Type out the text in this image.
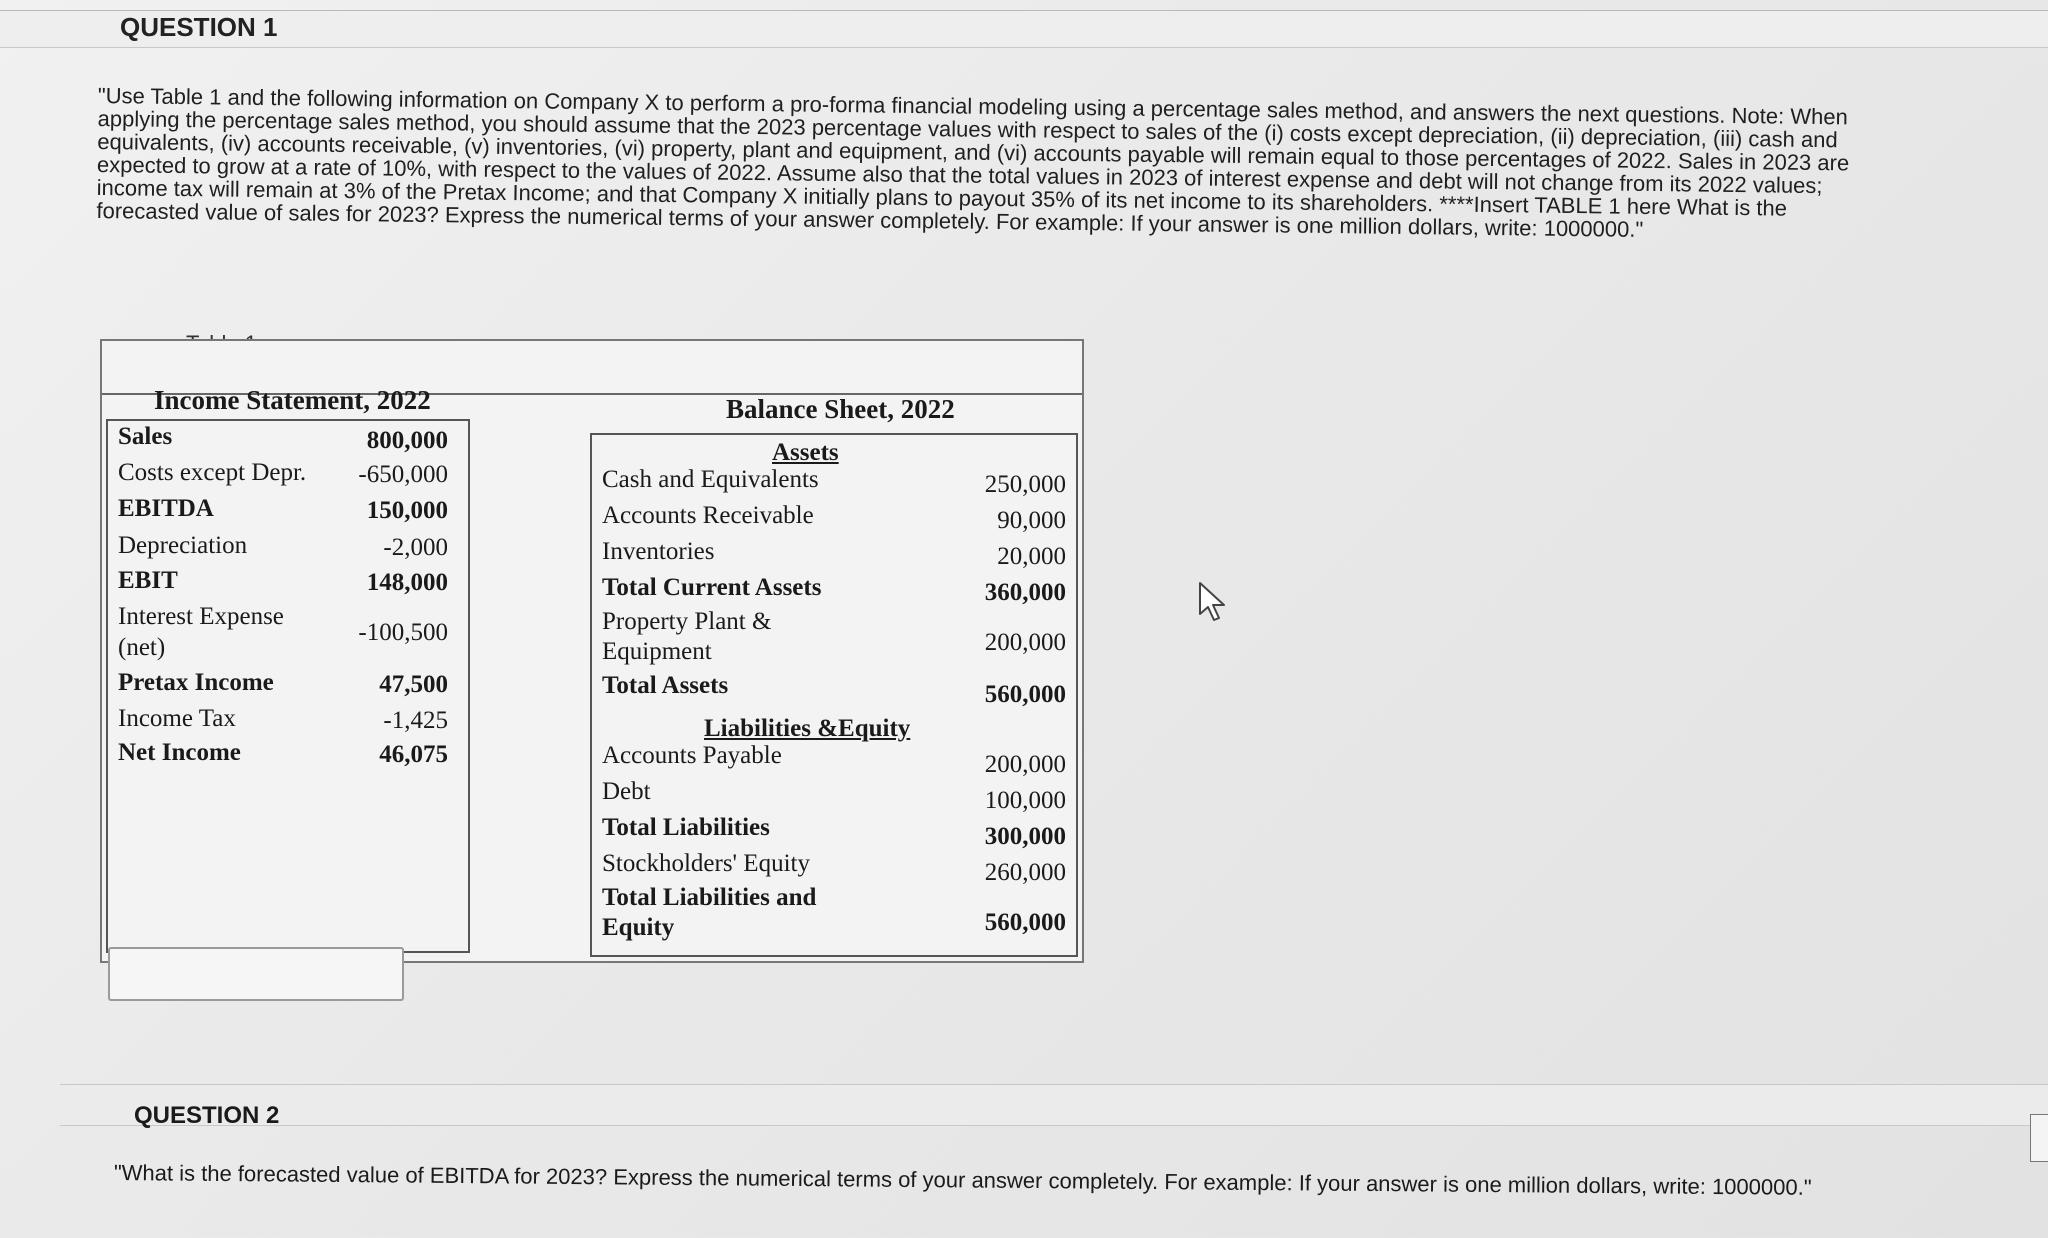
QUESTION 1
"Use Table 1 and the following information on Company X to perform a pro-forma financial modeling using a percentage sales method, and answers the next questions. Note: When applying the percentage sales method, you should assume that the 2023 percentage values with respect to sales of the (i) costs except depreciation, (ii) depreciation, (iii) cash and equivalents, (iv) accounts receivable, (v) inventories, (vi) property, plant and equipment, and (vi) accounts payable will remain equal to those percentages of 2022. Sales in 2023 are expected to grow at a rate of 10%, with respect to the values of 2022. Assume also that the total values in 2023 of interest expense and debt will not change from its 2022 values; income tax will remain at 3% of the Pretax Income; and that Company X initially plans to payout 35% of its net income to its shareholders. ****Insert TABLE 1 here What is the forecasted value of sales for 2023? Express the numerical terms of your answer completely. For example: If your answer is one million dollars, write: 1000000."
Income Statement, 2022	Balance Sheet, 2022
Sales	800,000
Costs except Depr. -650,000
EBITDA	150,000
Depreciation	-2,000
EBIT	148,000
Interest Expense
(net)
-100,500
Pretax Income	47,500
Income Tax	-1,425
Net Income	46,075
Assets
Cash and Equivalents	250,000
Accounts Receivable	90,000
Inventories	20,000
Total Current Assets	360,000
Property Plant &
Equipment	200,000
Total Assets	560,000
Liabilities &Equity
Accounts Payable	200,000
Debt	100,000
Total Liabilities	300,000
Stockholders' Equity	260,000
Total Liabilities and
Equity	560,000
QUESTION 2
"What is the forecasted value of EBITDA for 2023? Express the numerical terms of your answer completely. For example: If your answer is one million dollars, write: 1000000."
